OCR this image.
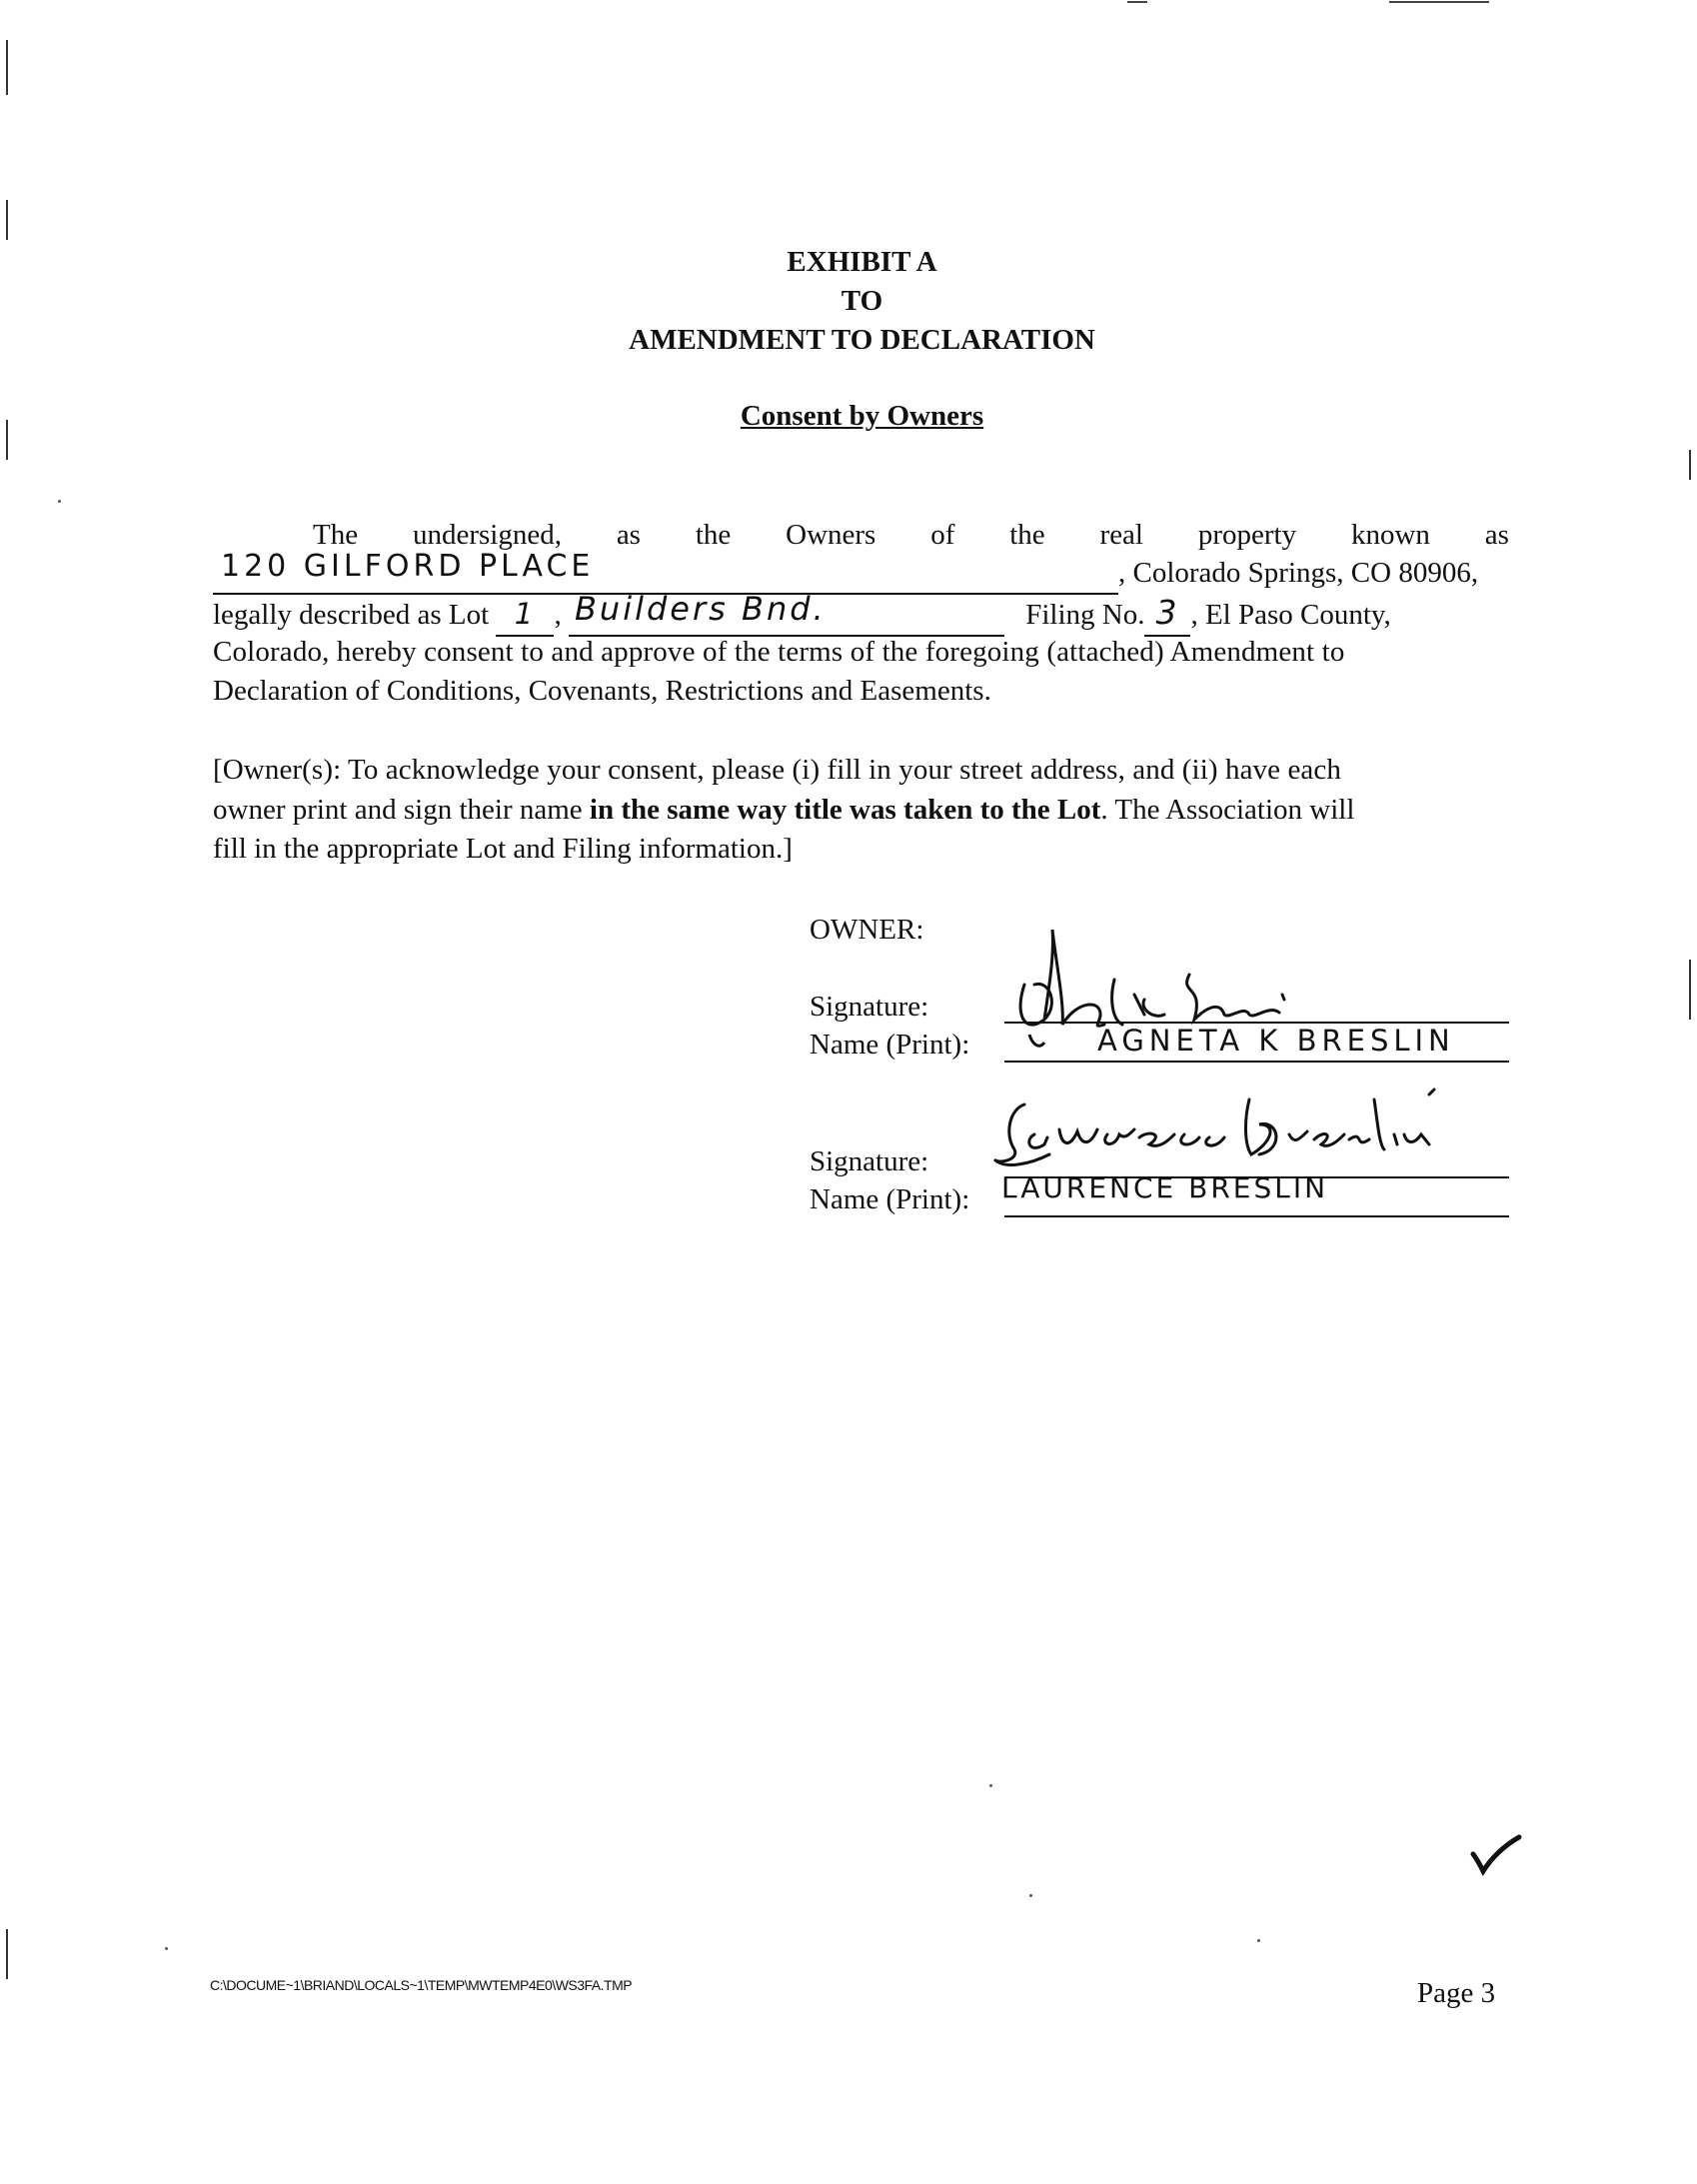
EXHIBIT A
TO
AMENDMENT TO DECLARATION
Consent by Owners
The undersigned, as the Owners of the real property known as
120 GILFORD PLACE	, Colorado Springs, CO 80906,
legally described as Lot 1 , Builders Bnd.	Filing No. 3 , El Paso County,
Colorado, hereby consent to and approve of the terms of the foregoing (attached) Amendment to
Declaration of Conditions, Covenants, Restrictions and Easements.
[Owner(s): To acknowledge your consent, please (i) fill in your street address, and (ii) have each
owner print and sign their name in the same way title was taken to the Lot. The Association will
fill in the appropriate Lot and Filing information.]
OWNER:
Signature:
Name (Print):	AGNETA K BRESLIN
Signature:
Name (Print): LAURENCE BRESLIN
C:\DOCUME~1\BRIAND\LOCALS~1\TEMP\MWTEMP4E0\WS3FA.TMP	Page 3
